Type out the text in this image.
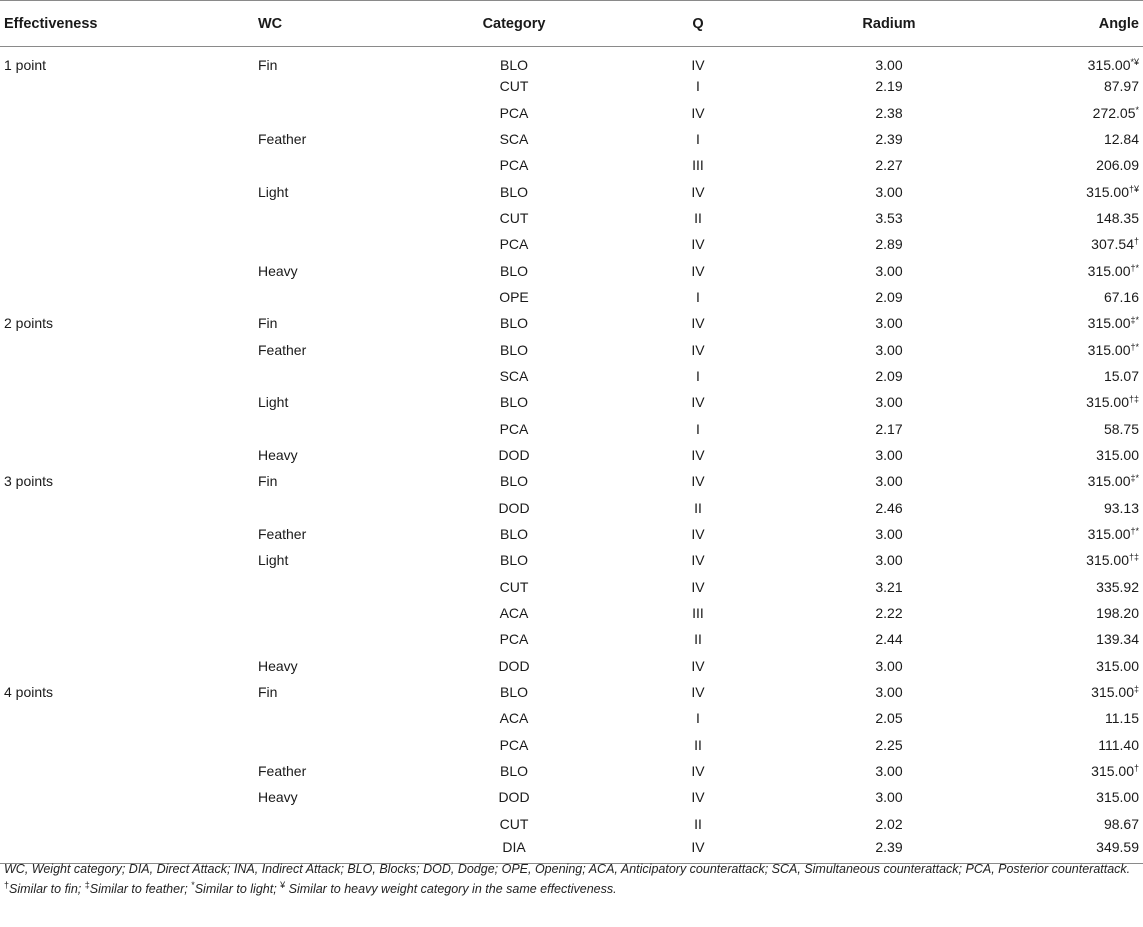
Effectiveness	WC	Category	Q	Radium	Angle
1 point	Fin	BLO	IV	3.00	315.00*¥
		CUT	I	2.19	87.97
		PCA	IV	2.38	272.05*
	Feather	SCA	I	2.39	12.84
		PCA	III	2.27	206.09
	Light	BLO	IV	3.00	315.00†¥
		CUT	II	3.53	148.35
		PCA	IV	2.89	307.54†
	Heavy	BLO	IV	3.00	315.00†*
		OPE	I	2.09	67.16
2 points	Fin	BLO	IV	3.00	315.00‡*
	Feather	BLO	IV	3.00	315.00†*
		SCA	I	2.09	15.07
	Light	BLO	IV	3.00	315.00†‡
		PCA	I	2.17	58.75
	Heavy	DOD	IV	3.00	315.00
3 points	Fin	BLO	IV	3.00	315.00‡*
		DOD	II	2.46	93.13
	Feather	BLO	IV	3.00	315.00†*
	Light	BLO	IV	3.00	315.00†‡
		CUT	IV	3.21	335.92
		ACA	III	2.22	198.20
		PCA	II	2.44	139.34
	Heavy	DOD	IV	3.00	315.00
4 points	Fin	BLO	IV	3.00	315.00‡
		ACA	I	2.05	11.15
		PCA	II	2.25	111.40
	Feather	BLO	IV	3.00	315.00†
	Heavy	DOD	IV	3.00	315.00
		CUT	II	2.02	98.67
		DIA	IV	2.39	349.59
WC, Weight category; DIA, Direct Attack; INA, Indirect Attack; BLO, Blocks; DOD, Dodge; OPE, Opening; ACA, Anticipatory counterattack; SCA, Simultaneous counterattack; PCA, Posterior counterattack. †Similar to fin; ‡Similar to feather; *Similar to light; ¥ Similar to heavy weight category in the same effectiveness.
